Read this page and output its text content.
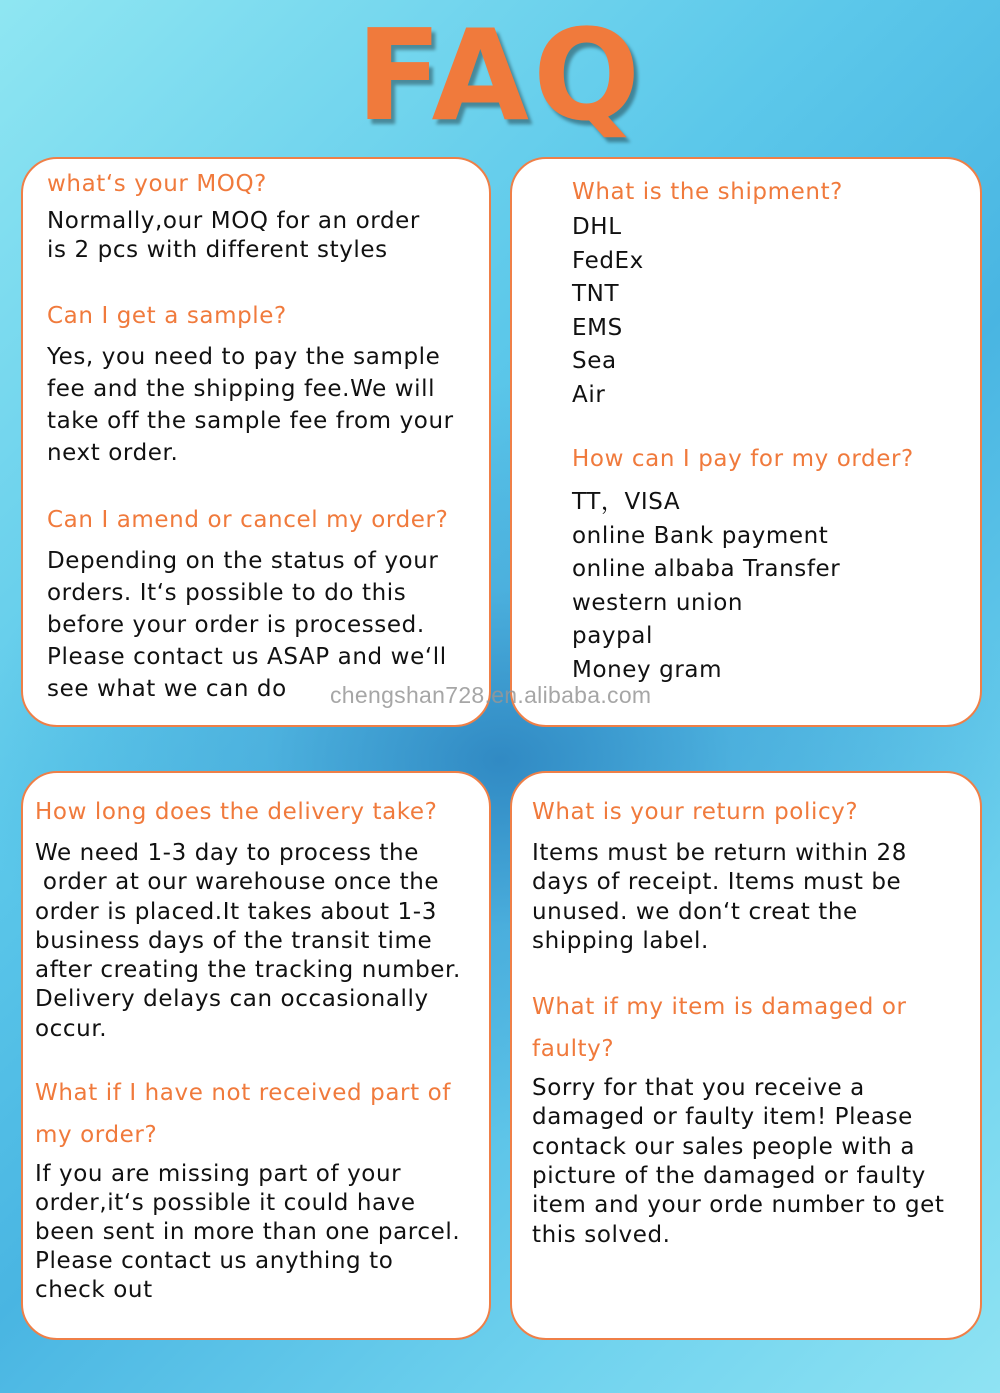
FAQ

what‘s your MOQ?

Normally,our MOQ for an order
is 2 pcs with different styles

Can I get a sample?

Yes, you need to pay the sample
fee and the shipping fee.We will
take off the sample fee from your
next order.

Can I amend or cancel my order?

Depending on the status of your
orders. It‘s possible to do this
before your order is processed.
Please contact us ASAP and we‘ll
see what we can do

What is the shipment?

DHL
FedEx
TNT
EMS
Sea
Air

How can I pay for my order?

TT，VISA
online Bank payment
online albaba Transfer
western union
paypal
Money gram

How long does the delivery take?

We need 1-3 day to process the
order at our warehouse once the
order is placed.It takes about 1-3
business days of the transit time
after creating the tracking number.
Delivery delays can occasionally
occur.

What if I have not received part of
my order?

If you are missing part of your
order,it‘s possible it could have
been sent in more than one parcel.
Please contact us anything to
check out

What is your return policy?

Items must be return within 28
days of receipt. Items must be
unused. we don‘t creat the
shipping label.

What if my item is damaged or
faulty?

Sorry for that you receive a
damaged or faulty item! Please
contack our sales people with a
picture of the damaged or faulty
item and your orde number to get
this solved.

chengshan728.en.alibaba.com
